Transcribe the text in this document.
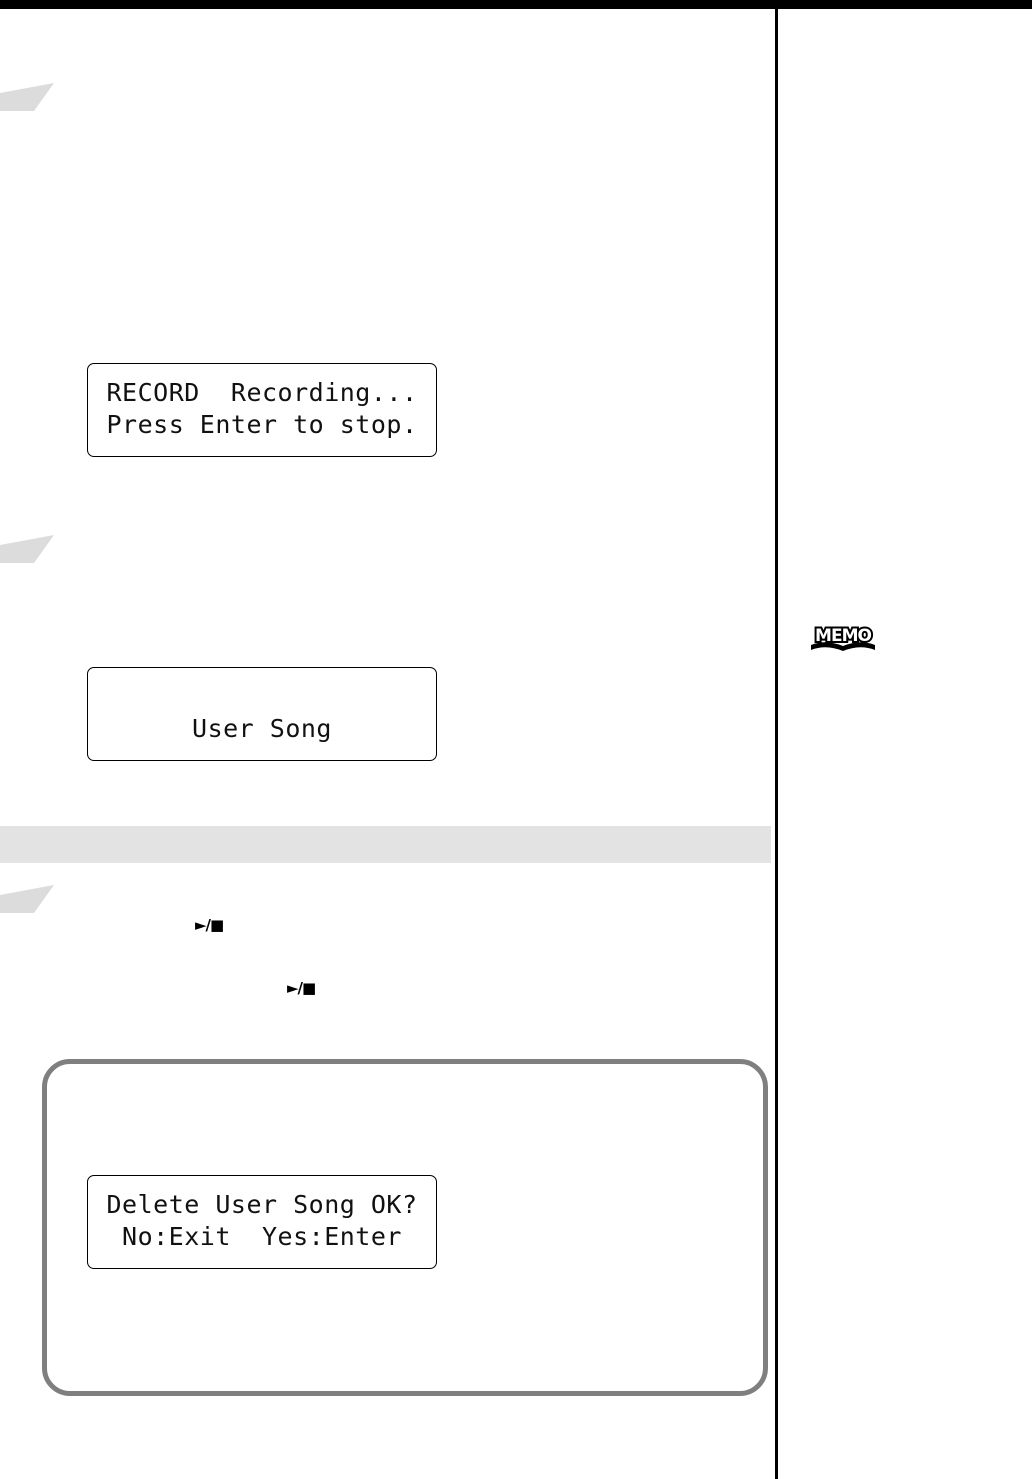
RECORD  Recording...
Press Enter to stop.
User Song
MEMO
►/■
►/■
Delete User Song OK?
No:Exit  Yes:Enter
